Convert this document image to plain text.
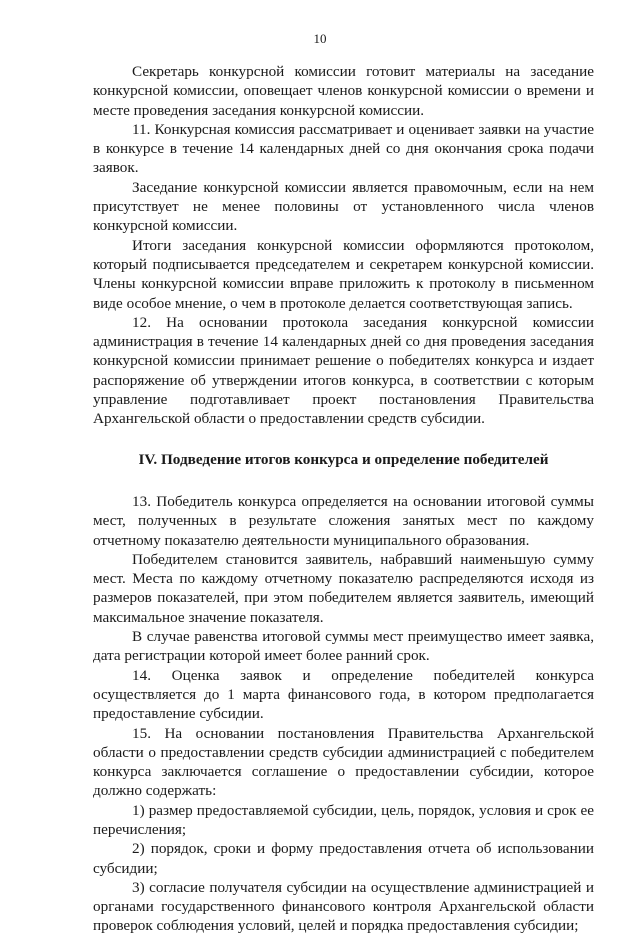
10

Секретарь конкурсной комиссии готовит материалы на заседание конкурсной комиссии, оповещает членов конкурсной комиссии о времени и месте проведения заседания конкурсной комиссии.

11. Конкурсная комиссия рассматривает и оценивает заявки на участие в конкурсе в течение 14 календарных дней со дня окончания срока подачи заявок.

Заседание конкурсной комиссии является правомочным, если на нем присутствует не менее половины от установленного числа членов конкурсной комиссии.

Итоги заседания конкурсной комиссии оформляются протоколом, который подписывается председателем и секретарем конкурсной комиссии. Члены конкурсной комиссии вправе приложить к протоколу в письменном виде особое мнение, о чем в протоколе делается соответствующая запись.

12. На основании протокола заседания конкурсной комиссии администрация в течение 14 календарных дней со дня проведения заседания конкурсной комиссии принимает решение о победителях конкурса и издает распоряжение об утверждении итогов конкурса, в соответствии с которым управление подготавливает проект постановления Правительства Архангельской области о предоставлении средств субсидии.

IV. Подведение итогов конкурса и определение победителей

13. Победитель конкурса определяется на основании итоговой суммы мест, полученных в результате сложения занятых мест по каждому отчетному показателю деятельности муниципального образования.

Победителем становится заявитель, набравший наименьшую сумму мест. Места по каждому отчетному показателю распределяются исходя из размеров показателей, при этом победителем является заявитель, имеющий максимальное значение показателя.

В случае равенства итоговой суммы мест преимущество имеет заявка, дата регистрации которой имеет более ранний срок.

14. Оценка заявок и определение победителей конкурса осуществляется до 1 марта финансового года, в котором предполагается предоставление субсидии.

15. На основании постановления Правительства Архангельской области о предоставлении средств субсидии администрацией с победителем конкурса заключается соглашение о предоставлении субсидии, которое должно содержать:

1) размер предоставляемой субсидии, цель, порядок, условия и срок ее перечисления;

2) порядок, сроки и форму предоставления отчета об использовании субсидии;

3) согласие получателя субсидии на осуществление администрацией и органами государственного финансового контроля Архангельской области проверок соблюдения условий, целей и порядка предоставления субсидии;
